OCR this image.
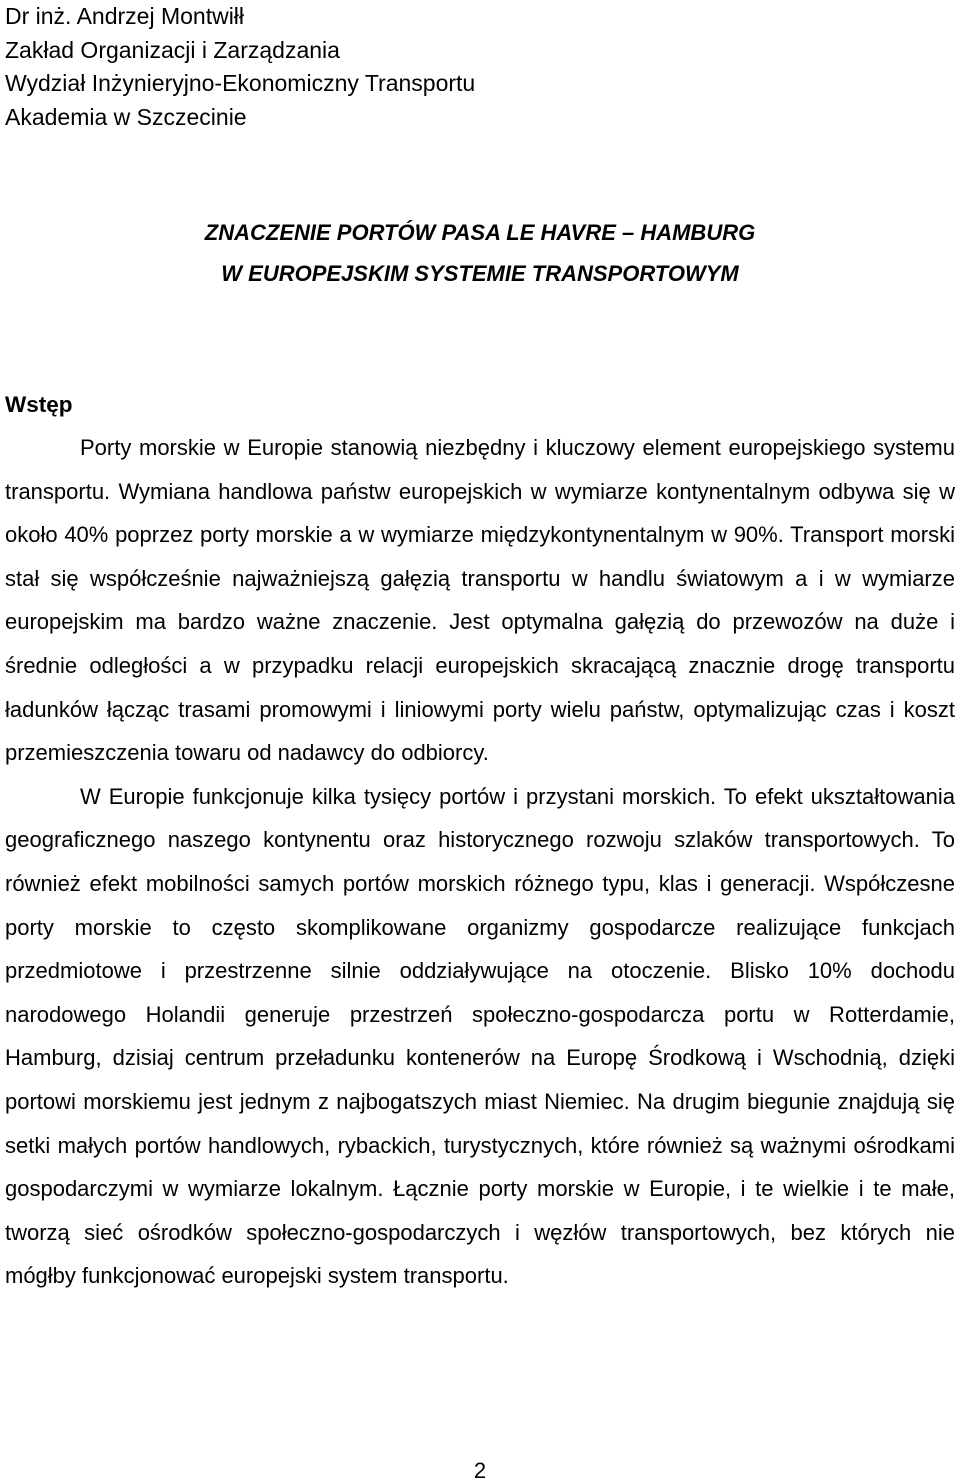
Dr inż. Andrzej Montwiłł
Zakład Organizacji i Zarządzania
Wydział Inżynieryjno-Ekonomiczny Transportu
Akademia w Szczecinie
ZNACZENIE PORTÓW PASA LE HAVRE – HAMBURG
W EUROPEJSKIM SYSTEMIE TRANSPORTOWYM
Wstęp

Porty morskie w Europie stanowią niezbędny i kluczowy element europejskiego systemu transportu. Wymiana handlowa państw europejskich w wymiarze kontynentalnym odbywa się w około 40% poprzez porty morskie a w wymiarze międzykontynentalnym w 90%. Transport morski stał się współcześnie najważniejszą gałęzią transportu w handlu światowym a i w wymiarze europejskim ma bardzo ważne znaczenie. Jest optymalna gałęzią do przewozów na duże i średnie odległości a w przypadku relacji europejskich skracającą znacznie drogę transportu ładunków łącząc trasami promowymi i liniowymi porty wielu państw, optymalizując czas i koszt przemieszczenia towaru od nadawcy do odbiorcy.

W Europie funkcjonuje kilka tysięcy portów i przystani morskich. To efekt ukształtowania geograficznego naszego kontynentu oraz historycznego rozwoju szlaków transportowych. To również efekt mobilności samych portów morskich różnego typu, klas i generacji. Współczesne porty morskie to często skomplikowane organizmy gospodarcze realizujące funkcjach przedmiotowe i przestrzenne silnie oddziaływujące na otoczenie. Blisko 10% dochodu narodowego Holandii generuje przestrzeń społeczno-gospodarcza portu w Rotterdamie, Hamburg, dzisiaj centrum przeładunku kontenerów na Europę Środkową i Wschodnią, dzięki portowi morskiemu jest jednym z najbogatszych miast Niemiec. Na drugim biegunie znajdują się setki małych portów handlowych, rybackich, turystycznych, które również są ważnymi ośrodkami gospodarczymi w wymiarze lokalnym. Łącznie porty morskie w Europie, i te wielkie i te małe, tworzą sieć ośrodków społeczno-gospodarczych i węzłów transportowych, bez których nie mógłby funkcjonować europejski system transportu.

2
